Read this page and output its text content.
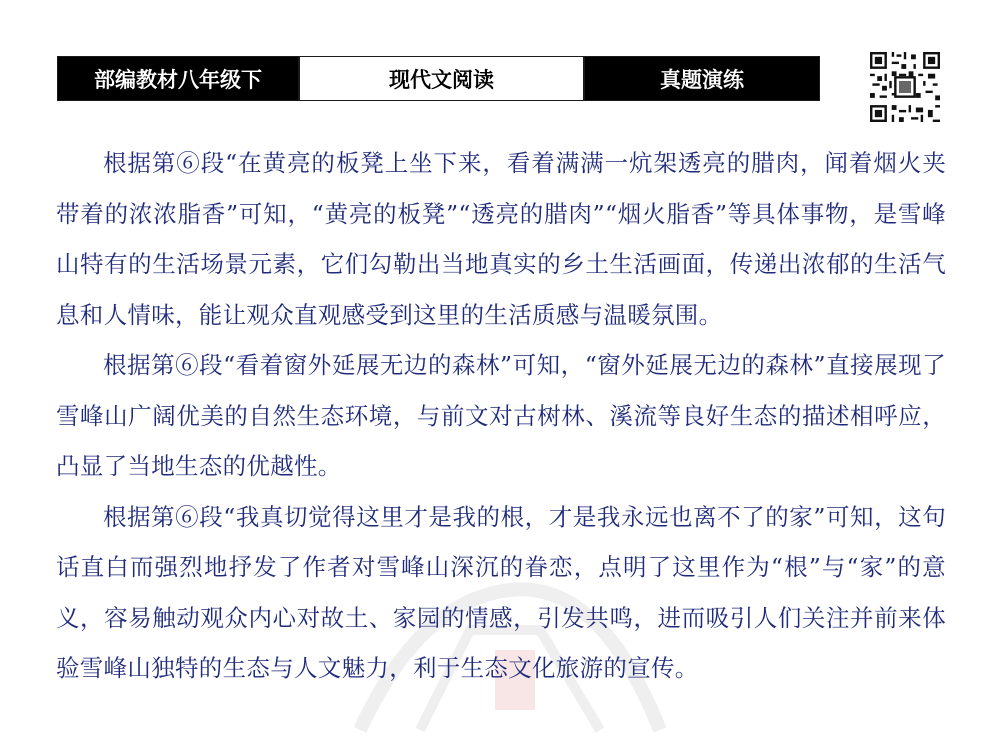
部编教材八年级下	现代文阅读	真题演练

根据第⑥段“在黄亮的板凳上坐下来，看着满满一炕架透亮的腊肉，闻着烟火夹带着的浓浓脂香”可知，“黄亮的板凳”“透亮的腊肉”“烟火脂香”等具体事物，是雪峰山特有的生活场景元素，它们勾勒出当地真实的乡土生活画面，传递出浓郁的生活气息和人情味，能让观众直观感受到这里的生活质感与温暖氛围。

根据第⑥段“看着窗外延展无边的森林”可知，“窗外延展无边的森林”直接展现了雪峰山广阔优美的自然生态环境，与前文对古树林、溪流等良好生态的描述相呼应，凸显了当地生态的优越性。

根据第⑥段“我真切觉得这里才是我的根，才是我永远也离不了的家”可知，这句话直白而强烈地抒发了作者对雪峰山深沉的眷恋，点明了这里作为“根”与“家”的意义，容易触动观众内心对故土、家园的情感，引发共鸣，进而吸引人们关注并前来体验雪峰山独特的生态与人文魅力，利于生态文化旅游的宣传。
